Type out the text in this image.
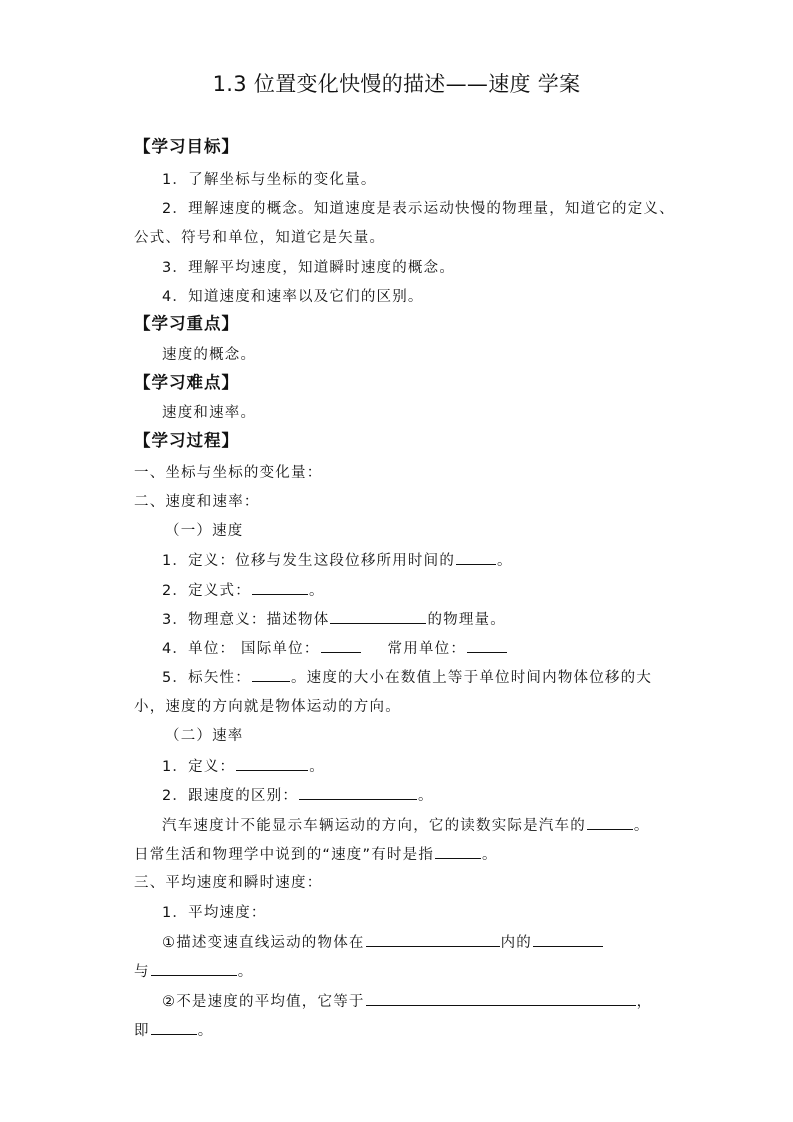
1.3 位置变化快慢的描述——速度 学案
【学习目标】
1．了解坐标与坐标的变化量。
2．理解速度的概念。知道速度是表示运动快慢的物理量，知道它的定义、
公式、符号和单位，知道它是矢量。
3．理解平均速度，知道瞬时速度的概念。
4．知道速度和速率以及它们的区别。
【学习重点】
速度的概念。
【学习难点】
速度和速率。
【学习过程】
一、坐标与坐标的变化量：
二、速度和速率：
（一）速度
1．定义：位移与发生这段位移所用时间的	。
2．定义式：	。
3．物理意义：描述物体	的物理量。
4．单位： 国际单位：	常用单位：
5．标矢性：	。速度的大小在数值上等于单位时间内物体位移的大
小，速度的方向就是物体运动的方向。
（二）速率
1．定义：	。
2．跟速度的区别：	。
汽车速度计不能显示车辆运动的方向，它的读数实际是汽车的	。
日常生活和物理学中说到的“速度”有时是指	。
三、平均速度和瞬时速度：
1．平均速度：
①描述变速直线运动的物体在	内的
与	。
②不是速度的平均值，它等于	，
即	。
